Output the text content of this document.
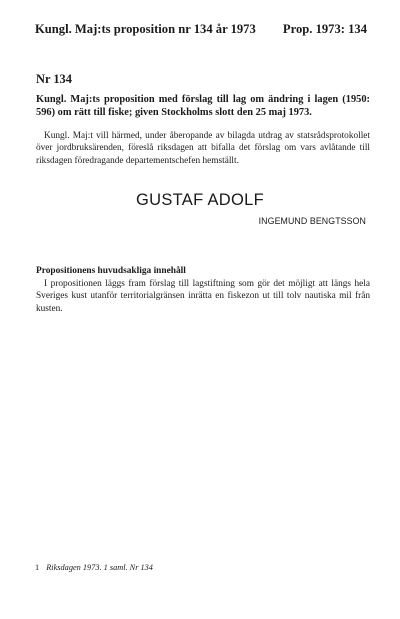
Kungl. Maj:ts proposition nr 134 år 1973 Prop. 1973: 134
Nr 134
Kungl. Maj:ts proposition med förslag till lag om ändring i lagen (1950: 596) om rätt till fiske; given Stockholms slott den 25 maj 1973.
Kungl. Maj:t vill härmed, under åberopande av bilagda utdrag av statsrådsprotokollet över jordbruksärenden, föreslå riksdagen att bifalla det förslag om vars avlåtande till riksdagen föredragande departementschefen hemställt.
GUSTAF ADOLF
INGEMUND BENGTSSON
Propositionens huvudsakliga innehåll
I propositionen läggs fram förslag till lagstiftning som gör det möjligt att längs hela Sveriges kust utanför territorialgränsen inrätta en fiskezon ut till tolv nautiska mil från kusten.
1 Riksdagen 1973. 1 saml. Nr 134
